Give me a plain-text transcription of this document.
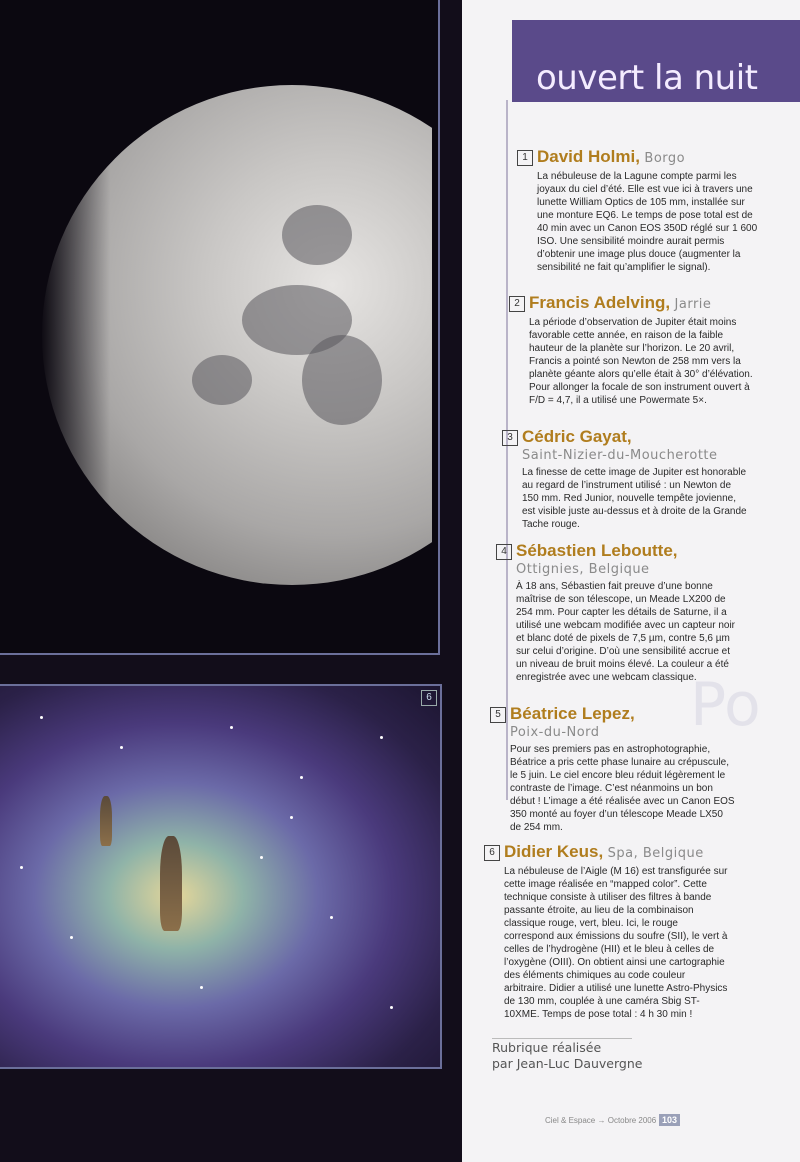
6	Po
ouvert la nuit
1 David Holmi, Borgo
La nébuleuse de la Lagune compte parmi les joyaux du ciel d’été. Elle est vue ici à travers une lunette William Optics de 105 mm, installée sur une monture EQ6. Le temps de pose total est de 40 min avec un Canon EOS 350D réglé sur 1 600 ISO. Une sensibilité moindre aurait permis d’obtenir une image plus douce (augmenter la sensibilité ne fait qu’amplifier le signal).
2 Francis Adelving, Jarrie
La période d’observation de Jupiter était moins favorable cette année, en raison de la faible hauteur de la planète sur l’horizon. Le 20 avril, Francis a pointé son Newton de 258 mm vers la planète géante alors qu’elle était à 30° d’élévation. Pour allonger la focale de son instrument ouvert à F/D = 4,7, il a utilisé une Powermate 5×.
3 Cédric Gayat,
Saint-Nizier-du-Moucherotte
La finesse de cette image de Jupiter est honorable au regard de l’instrument utilisé : un Newton de 150 mm. Red Junior, nouvelle tempête jovienne, est visible juste au-dessus et à droite de la Grande Tache rouge.
4 Sébastien Leboutte,
Ottignies, Belgique
À 18 ans, Sébastien fait preuve d’une bonne maîtrise de son télescope, un Meade LX200 de 254 mm. Pour capter les détails de Saturne, il a utilisé une webcam modifiée avec un capteur noir et blanc doté de pixels de 7,5 µm, contre 5,6 µm sur celui d’origine. D’où une sensibilité accrue et un niveau de bruit moins élevé. La couleur a été enregistrée avec une webcam classique.
5 Béatrice Lepez,
Poix-du-Nord
Pour ses premiers pas en astrophotographie, Béatrice a pris cette phase lunaire au crépuscule, le 5 juin. Le ciel encore bleu réduit légèrement le contraste de l’image. C’est néanmoins un bon début ! L’image a été réalisée avec un Canon EOS 350 monté au foyer d’un télescope Meade LX50 de 254 mm.
6 Didier Keus, Spa, Belgique
La nébuleuse de l’Aigle (M 16) est transfigurée sur cette image réalisée en “mapped color”. Cette technique consiste à utiliser des filtres à bande passante étroite, au lieu de la combinaison classique rouge, vert, bleu. Ici, le rouge correspond aux émissions du soufre (SII), le vert à celles de l’hydrogène (HII) et le bleu à celles de l’oxygène (OIII). On obtient ainsi une cartographie des éléments chimiques au code couleur arbitraire. Didier a utilisé une lunette Astro-Physics de 130 mm, couplée à une caméra Sbig ST-10XME. Temps de pose total : 4 h 30 min !
Rubrique réalisée
par Jean-Luc Dauvergne
Ciel & Espace → Octobre 2006 103
